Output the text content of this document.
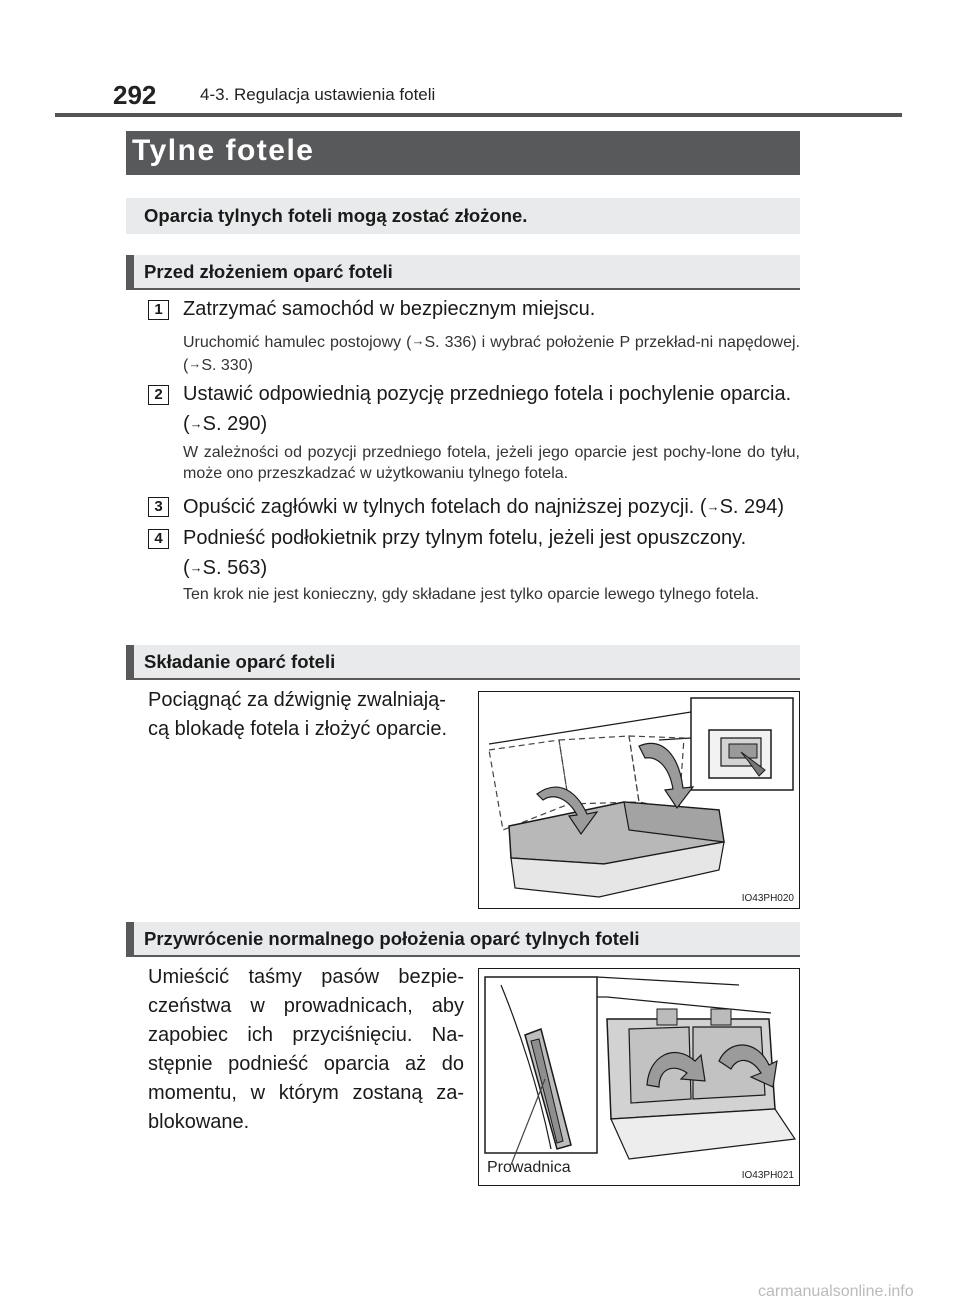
292	4-3. Regulacja ustawienia foteli
Tylne fotele
Oparcia tylnych foteli mogą zostać złożone.
Przed złożeniem oparć foteli
1	Zatrzymać samochód w bezpiecznym miejscu.
Uruchomić hamulec postojowy (→S. 336) i wybrać położenie P przekład-ni napędowej. (→S. 330)
2	Ustawić odpowiednią pozycję przedniego fotela i pochylenie oparcia.
(→S. 290)
W zależności od pozycji przedniego fotela, jeżeli jego oparcie jest pochy-lone do tyłu, może ono przeszkadzać w użytkowaniu tylnego fotela.
3	Opuścić zagłówki w tylnych fotelach do najniższej pozycji. (→S. 294)
4	Podnieść podłokietnik przy tylnym fotelu, jeżeli jest opuszczony.
(→S. 563)
Ten krok nie jest konieczny, gdy składane jest tylko oparcie lewego tylnego fotela.
Składanie oparć foteli
Pociągnąć za dźwignię zwalniają-cą blokadę fotela i złożyć oparcie.
IO43PH020
Przywrócenie normalnego położenia oparć tylnych foteli
Umieścić taśmy pasów bezpie-czeństwa w prowadnicach, aby zapobiec ich przyciśnięciu. Na-stępnie podnieść oparcia aż do momentu, w którym zostaną za-blokowane.
Prowadnica	IO43PH021
carmanualsonline.info
